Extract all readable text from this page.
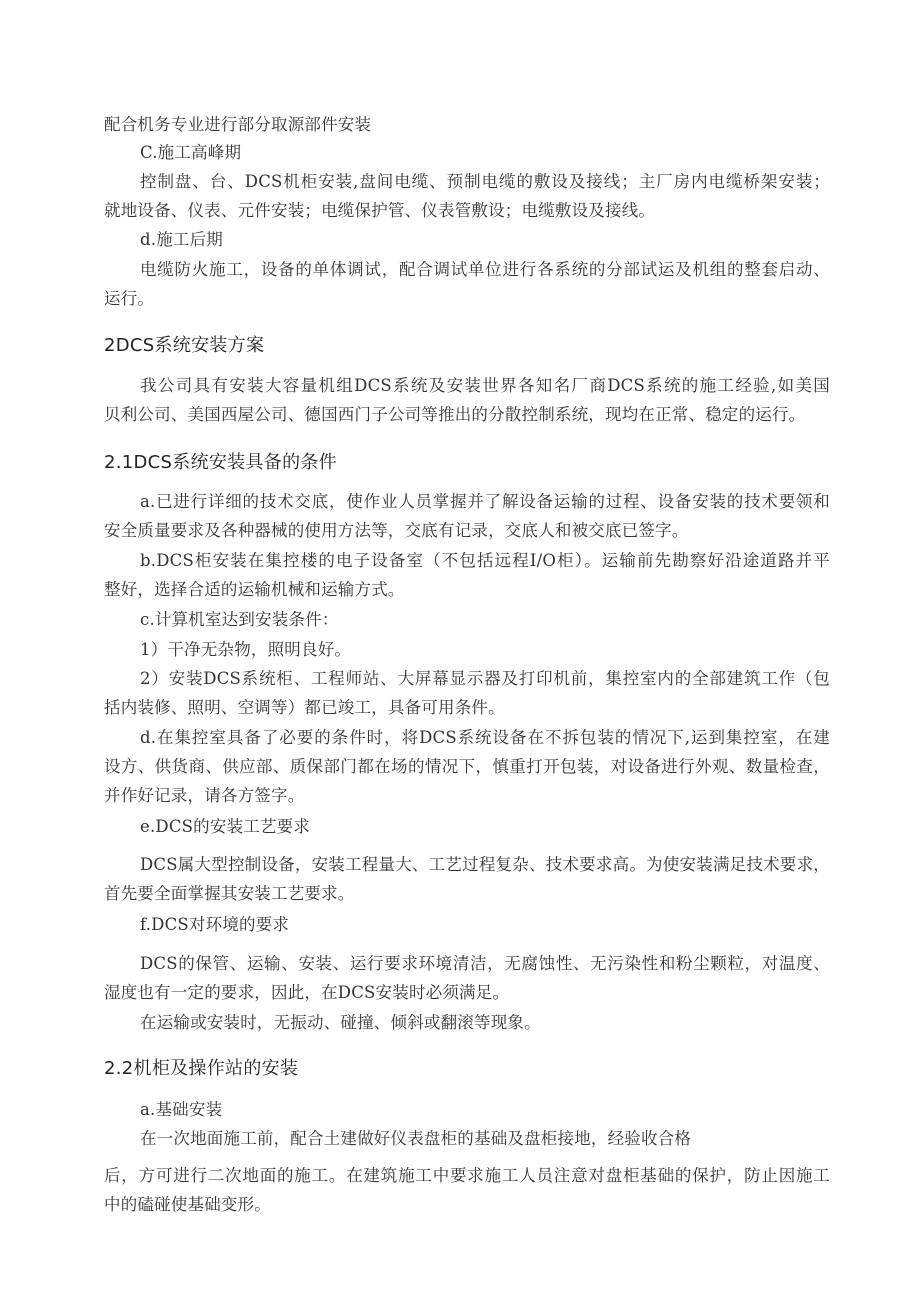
配合机务专业进行部分取源部件安装
C.施工高峰期
控制盘、台、DCS机柜安装,盘间电缆、预制电缆的敷设及接线；主厂房内电缆桥架安装；
就地设备、仪表、元件安装；电缆保护管、仪表管敷设；电缆敷设及接线。
d.施工后期
电缆防火施工，设备的单体调试，配合调试单位进行各系统的分部试运及机组的整套启动、
运行。
2DCS系统安装方案
我公司具有安装大容量机组DCS系统及安装世界各知名厂商DCS系统的施工经验,如美国
贝利公司、美国西屋公司、德国西门子公司等推出的分散控制系统，现均在正常、稳定的运行。
2.1DCS系统安装具备的条件
a.已进行详细的技术交底，使作业人员掌握并了解设备运输的过程、设备安装的技术要领和
安全质量要求及各种器械的使用方法等，交底有记录，交底人和被交底已签字。
b.DCS柜安装在集控楼的电子设备室（不包括远程I/O柜）。运输前先勘察好沿途道路并平
整好，选择合适的运输机械和运输方式。
c.计算机室达到安装条件：
1）干净无杂物，照明良好。
2）安装DCS系统柜、工程师站、大屏幕显示器及打印机前，集控室内的全部建筑工作（包
括内装修、照明、空调等）都已竣工，具备可用条件。
d.在集控室具备了必要的条件时，将DCS系统设备在不拆包装的情况下,运到集控室，在建
设方、供货商、供应部、质保部门都在场的情况下，慎重打开包装，对设备进行外观、数量检查，
并作好记录，请各方签字。
e.DCS的安装工艺要求
DCS属大型控制设备，安装工程量大、工艺过程复杂、技术要求高。为使安装满足技术要求，
首先要全面掌握其安装工艺要求。
f.DCS对环境的要求
DCS的保管、运输、安装、运行要求环境清洁，无腐蚀性、无污染性和粉尘颗粒，对温度、
湿度也有一定的要求，因此，在DCS安装时必须满足。
在运输或安装时，无振动、碰撞、倾斜或翻滚等现象。
2.2机柜及操作站的安装
a.基础安装
在一次地面施工前，配合土建做好仪表盘柜的基础及盘柜接地，经验收合格
后，方可进行二次地面的施工。在建筑施工中要求施工人员注意对盘柜基础的保护，防止因施工
中的磕碰使基础变形。
